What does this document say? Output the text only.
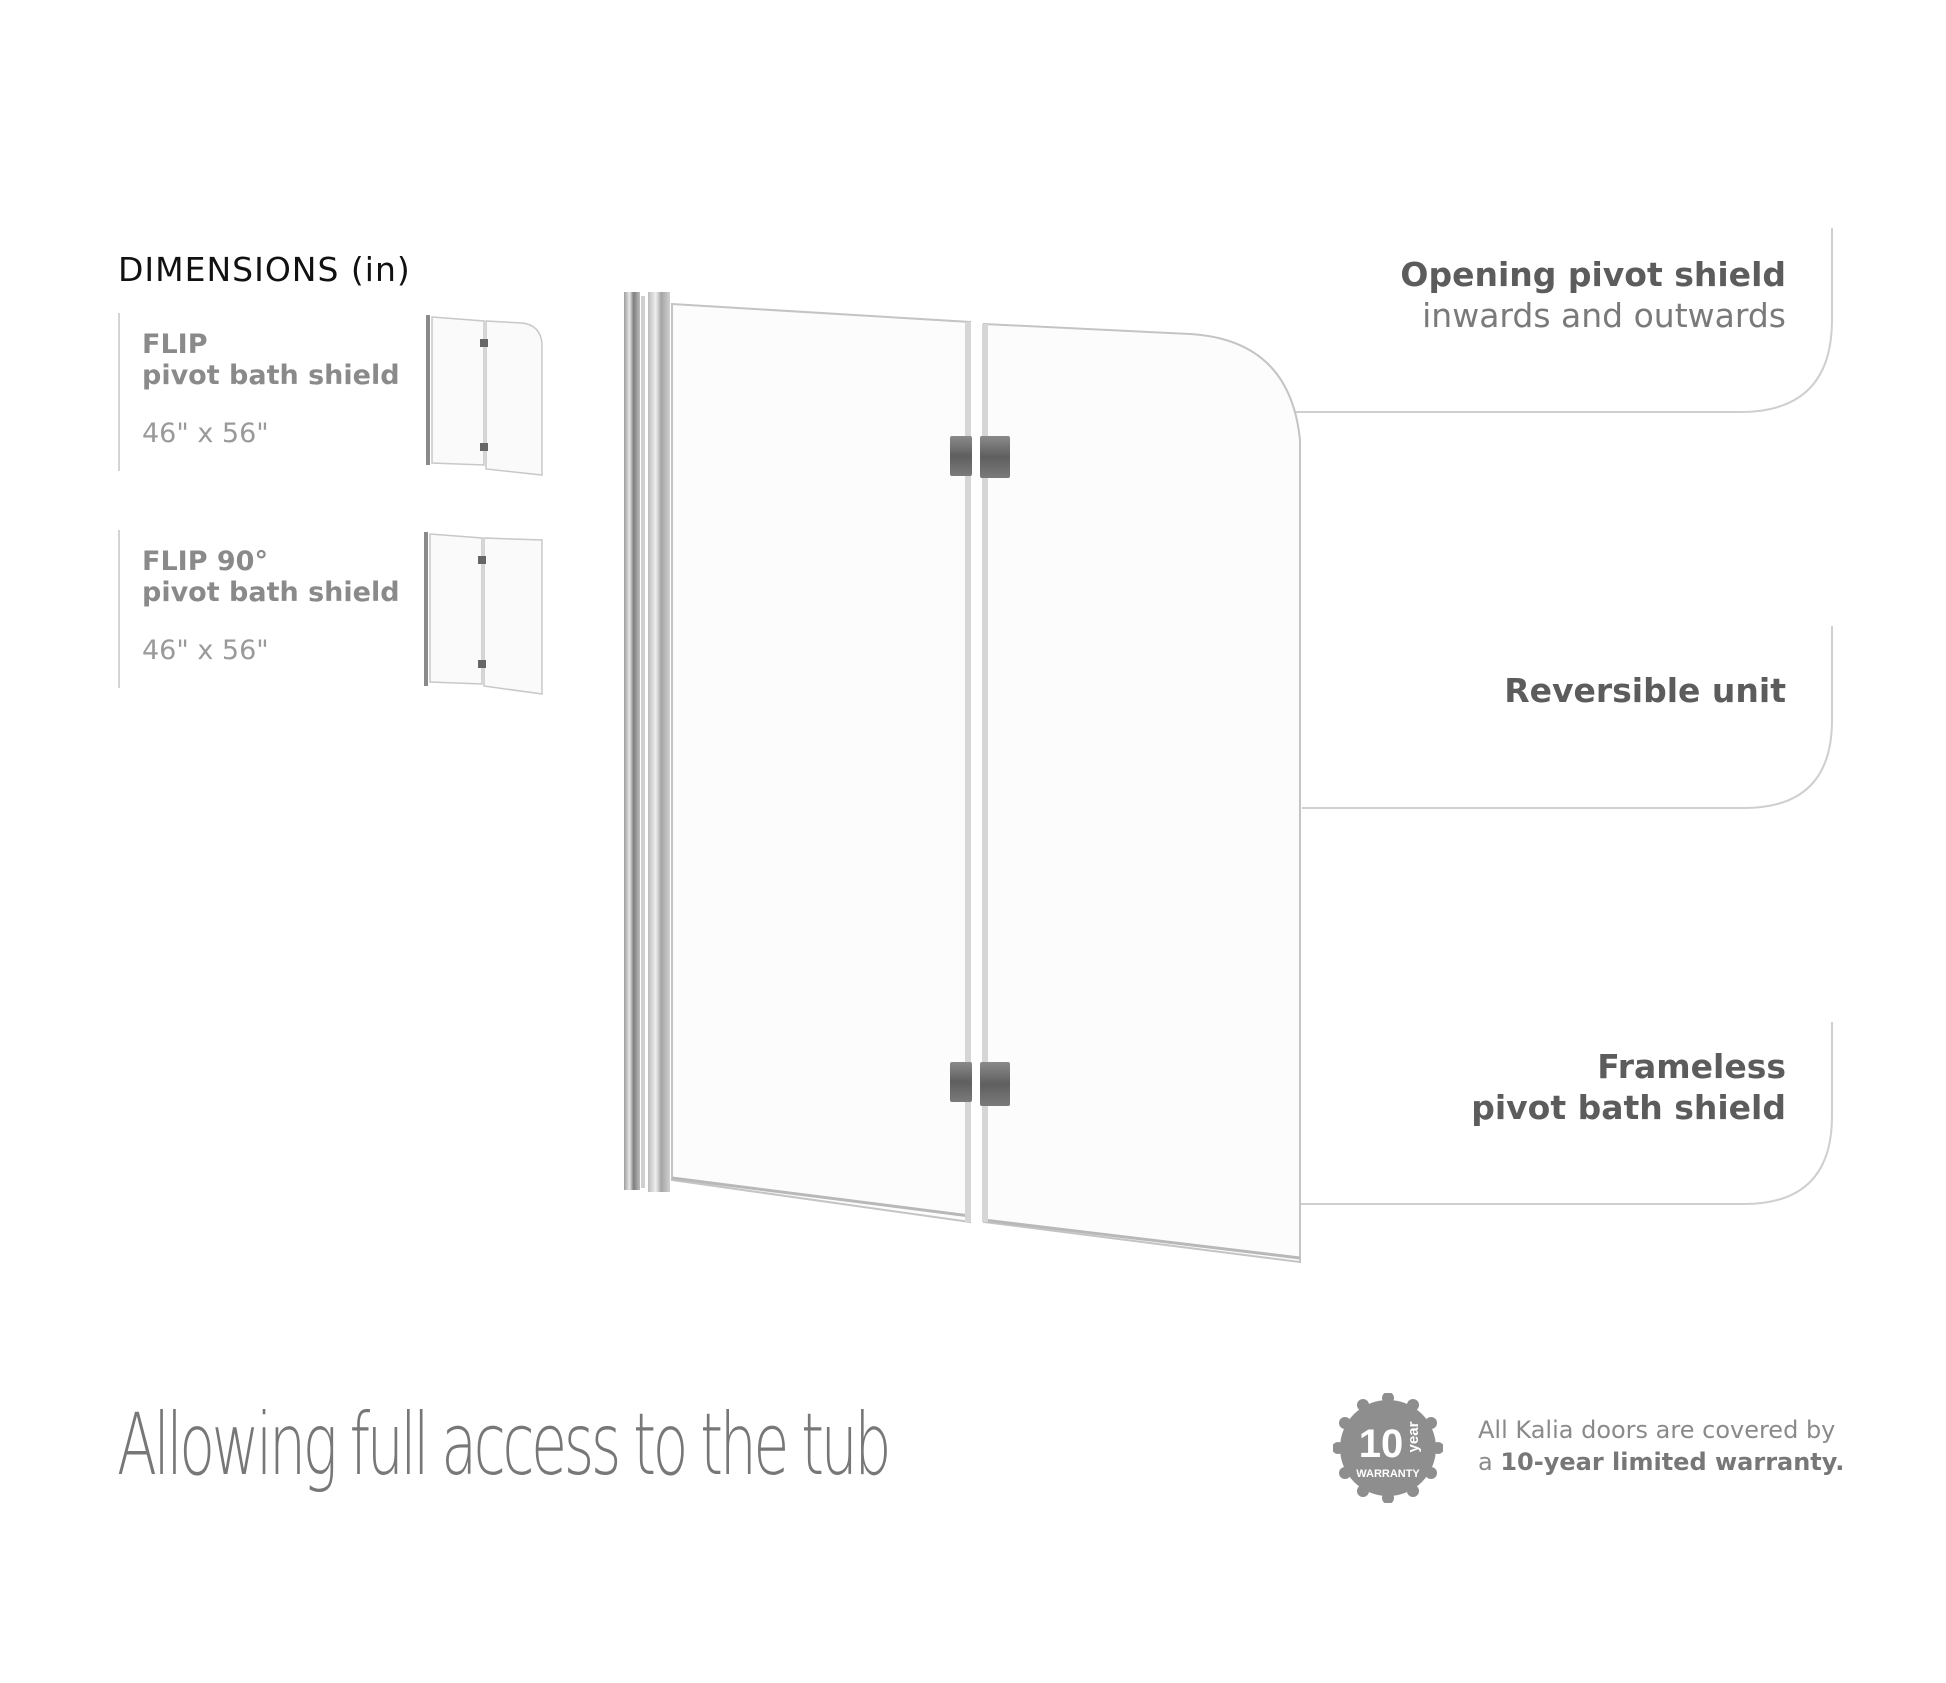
DIMENSIONS (in)
FLIP
pivot bath shield
46" x 56"
FLIP 90°
pivot bath shield
46" x 56"
Opening pivot shield
inwards and outwards
Reversible unit
Frameless
pivot bath shield
Allowing full access to the tub	10 year
WARRANTY
All Kalia doors are covered by
a 10-year limited warranty.
